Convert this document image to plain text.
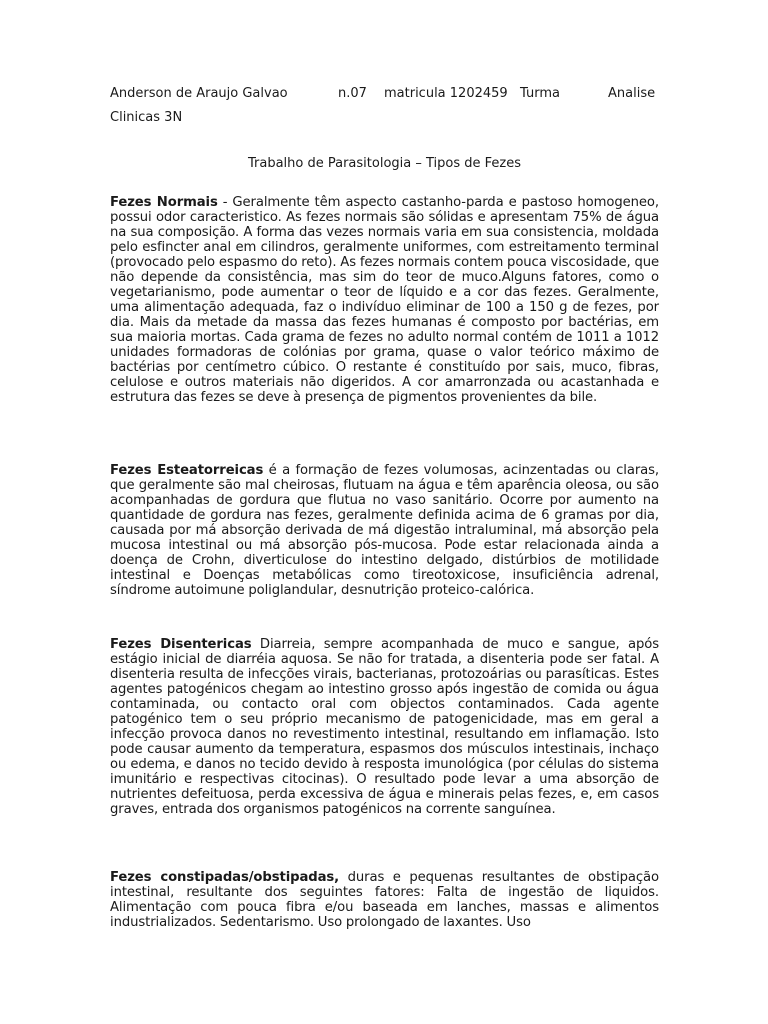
Anderson de Araujo Galvao	n.07 matricula 1202459 Turma	Analise
Clinicas 3N
Trabalho de Parasitologia – Tipos de Fezes

Fezes Normais - Geralmente têm aspecto castanho-parda e pastoso homogeneo, possui odor caracteristico. As fezes normais são sólidas e apresentam 75% de água na sua composição. A forma das vezes normais varia em sua consistencia, moldada pelo esfincter anal em cilindros, geralmente uniformes, com estreitamento terminal (provocado pelo espasmo do reto). As fezes normais contem pouca viscosidade, que não depende da consistência, mas sim do teor de muco.Alguns fatores, como o vegetarianismo, pode aumentar o teor de líquido e a cor das fezes. Geralmente, uma alimentação adequada, faz o indivíduo eliminar de 100 a 150 g de fezes, por dia. Mais da metade da massa das fezes humanas é composto por bactérias, em sua maioria mortas. Cada grama de fezes no adulto normal contém de 1011 a 1012 unidades formadoras de colónias por grama, quase o valor teórico máximo de bactérias por centímetro cúbico. O restante é constituído por sais, muco, fibras, celulose e outros materiais não digeridos. A cor amarronzada ou acastanhada e estrutura das fezes se deve à presença de pigmentos provenientes da bile.

Fezes Esteatorreicas é a formação de fezes volumosas, acinzentadas ou claras, que geralmente são mal cheirosas, flutuam na água e têm aparência oleosa, ou são acompanhadas de gordura que flutua no vaso sanitário. Ocorre por aumento na quantidade de gordura nas fezes, geralmente definida acima de 6 gramas por dia, causada por má absorção derivada de má digestão intraluminal, má absorção pela mucosa intestinal ou má absorção pós-mucosa. Pode estar relacionada ainda a doença de Crohn, diverticulose do intestino delgado, distúrbios de motilidade intestinal e Doenças metabólicas como tireotoxicose, insuficiência adrenal, síndrome autoimune poliglandular, desnutrição proteico-calórica.

Fezes Disentericas Diarreia, sempre acompanhada de muco e sangue, após estágio inicial de diarréia aquosa. Se não for tratada, a disenteria pode ser fatal. A disenteria resulta de infecções virais, bacterianas, protozoárias ou parasíticas. Estes agentes patogénicos chegam ao intestino grosso após ingestão de comida ou água contaminada, ou contacto oral com objectos contaminados. Cada agente patogénico tem o seu próprio mecanismo de patogenicidade, mas em geral a infecção provoca danos no revestimento intestinal, resultando em inflamação. Isto pode causar aumento da temperatura, espasmos dos músculos intestinais, inchaço ou edema, e danos no tecido devido à resposta imunológica (por células do sistema imunitário e respectivas citocinas). O resultado pode levar a uma absorção de nutrientes defeituosa, perda excessiva de água e minerais pelas fezes, e, em casos graves, entrada dos organismos patogénicos na corrente sanguínea.

Fezes constipadas/obstipadas, duras e pequenas resultantes de obstipação intestinal, resultante dos seguintes fatores: Falta de ingestão de liquidos. Alimentação com pouca fibra e/ou baseada em lanches, massas e alimentos industrializados. Sedentarismo. Uso prolongado de laxantes. Uso
